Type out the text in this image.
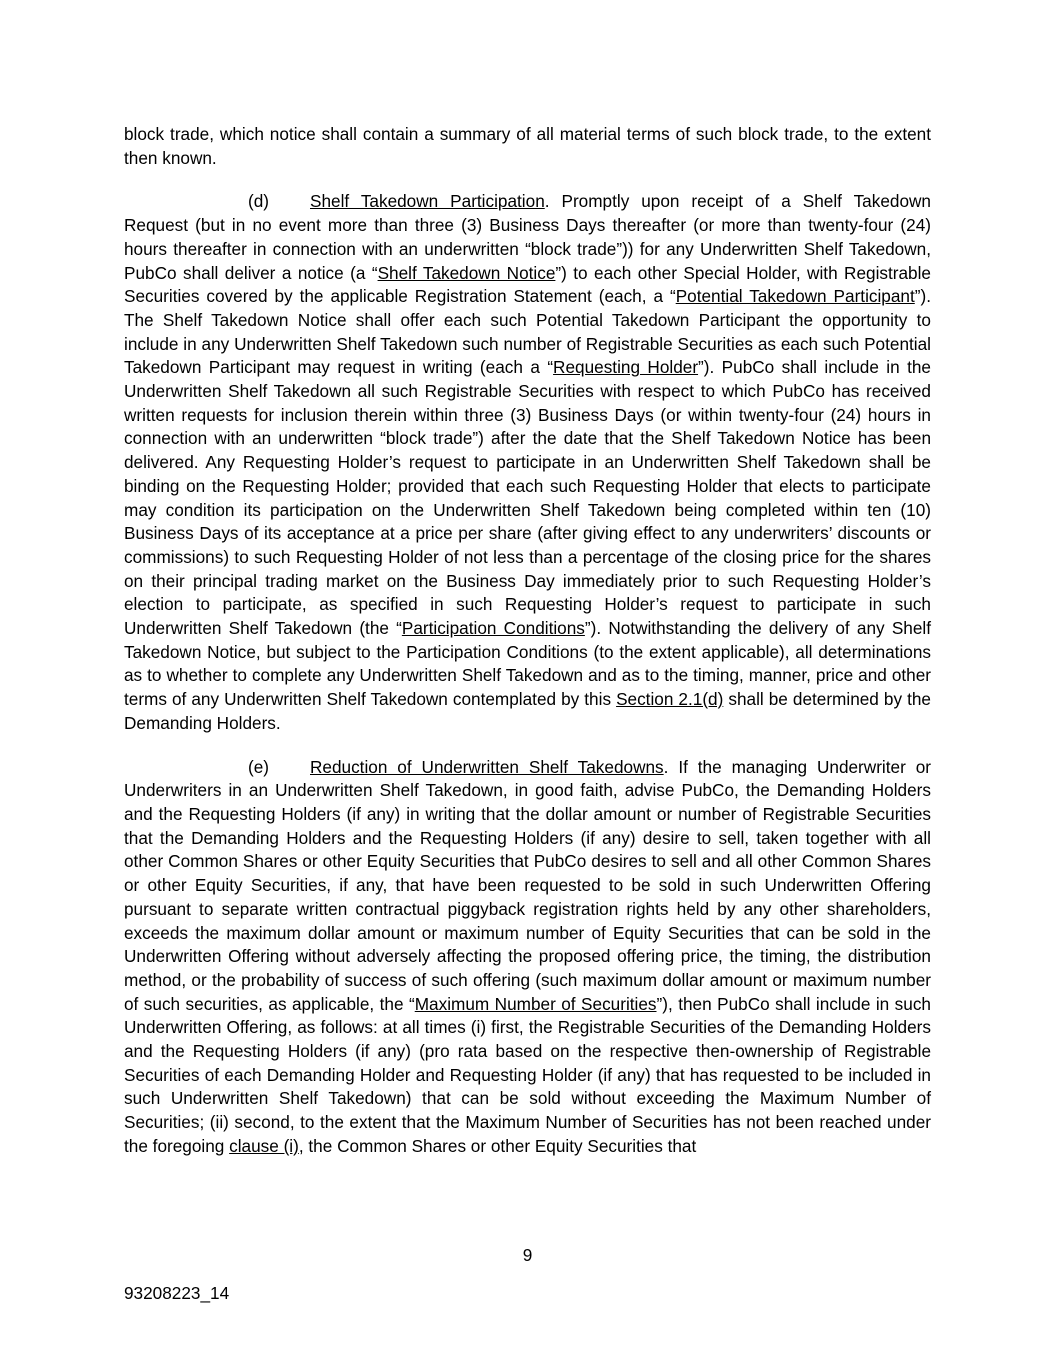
block trade, which notice shall contain a summary of all material terms of such block trade, to the extent then known.

(d) Shelf Takedown Participation. Promptly upon receipt of a Shelf Takedown Request (but in no event more than three (3) Business Days thereafter (or more than twenty-four (24) hours thereafter in connection with an underwritten “block trade”)) for any Underwritten Shelf Takedown, PubCo shall deliver a notice (a “Shelf Takedown Notice”) to each other Special Holder, with Registrable Securities covered by the applicable Registration Statement (each, a “Potential Takedown Participant”). The Shelf Takedown Notice shall offer each such Potential Takedown Participant the opportunity to include in any Underwritten Shelf Takedown such number of Registrable Securities as each such Potential Takedown Participant may request in writing (each a “Requesting Holder”). PubCo shall include in the Underwritten Shelf Takedown all such Registrable Securities with respect to which PubCo has received written requests for inclusion therein within three (3) Business Days (or within twenty-four (24) hours in connection with an underwritten “block trade”) after the date that the Shelf Takedown Notice has been delivered. Any Requesting Holder’s request to participate in an Underwritten Shelf Takedown shall be binding on the Requesting Holder; provided that each such Requesting Holder that elects to participate may condition its participation on the Underwritten Shelf Takedown being completed within ten (10) Business Days of its acceptance at a price per share (after giving effect to any underwriters’ discounts or commissions) to such Requesting Holder of not less than a percentage of the closing price for the shares on their principal trading market on the Business Day immediately prior to such Requesting Holder’s election to participate, as specified in such Requesting Holder’s request to participate in such Underwritten Shelf Takedown (the “Participation Conditions”). Notwithstanding the delivery of any Shelf Takedown Notice, but subject to the Participation Conditions (to the extent applicable), all determinations as to whether to complete any Underwritten Shelf Takedown and as to the timing, manner, price and other terms of any Underwritten Shelf Takedown contemplated by this Section 2.1(d) shall be determined by the Demanding Holders.

(e) Reduction of Underwritten Shelf Takedowns. If the managing Underwriter or Underwriters in an Underwritten Shelf Takedown, in good faith, advise PubCo, the Demanding Holders and the Requesting Holders (if any) in writing that the dollar amount or number of Registrable Securities that the Demanding Holders and the Requesting Holders (if any) desire to sell, taken together with all other Common Shares or other Equity Securities that PubCo desires to sell and all other Common Shares or other Equity Securities, if any, that have been requested to be sold in such Underwritten Offering pursuant to separate written contractual piggyback registration rights held by any other shareholders, exceeds the maximum dollar amount or maximum number of Equity Securities that can be sold in the Underwritten Offering without adversely affecting the proposed offering price, the timing, the distribution method, or the probability of success of such offering (such maximum dollar amount or maximum number of such securities, as applicable, the “Maximum Number of Securities”), then PubCo shall include in such Underwritten Offering, as follows: at all times (i) first, the Registrable Securities of the Demanding Holders and the Requesting Holders (if any) (pro rata based on the respective then-ownership of Registrable Securities of each Demanding Holder and Requesting Holder (if any) that has requested to be included in such Underwritten Shelf Takedown) that can be sold without exceeding the Maximum Number of Securities; (ii) second, to the extent that the Maximum Number of Securities has not been reached under the foregoing clause (i), the Common Shares or other Equity Securities that

9
93208223_14
